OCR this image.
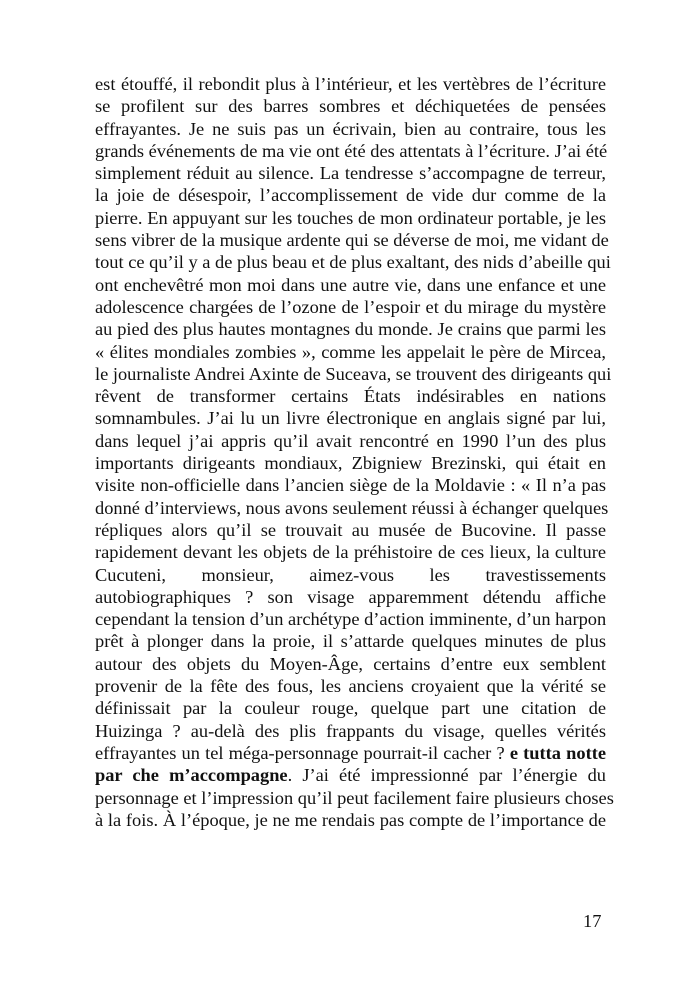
est étouffé, il rebondit plus à l’intérieur, et les vertèbres de l’écriture
se profilent sur des barres sombres et déchiquetées de pensées
effrayantes. Je ne suis pas un écrivain, bien au contraire, tous les
grands événements de ma vie ont été des attentats à l’écriture. J’ai été
simplement réduit au silence. La tendresse s’accompagne de terreur,
la joie de désespoir, l’accomplissement de vide dur comme de la
pierre. En appuyant sur les touches de mon ordinateur portable, je les
sens vibrer de la musique ardente qui se déverse de moi, me vidant de
tout ce qu’il y a de plus beau et de plus exaltant, des nids d’abeille qui
ont enchevêtré mon moi dans une autre vie, dans une enfance et une
adolescence chargées de l’ozone de l’espoir et du mirage du mystère
au pied des plus hautes montagnes du monde. Je crains que parmi les
« élites mondiales zombies », comme les appelait le père de Mircea,
le journaliste Andrei Axinte de Suceava, se trouvent des dirigeants qui
rêvent de transformer certains États indésirables en nations
somnambules. J’ai lu un livre électronique en anglais signé par lui,
dans lequel j’ai appris qu’il avait rencontré en 1990 l’un des plus
importants dirigeants mondiaux, Zbigniew Brezinski, qui était en
visite non-officielle dans l’ancien siège de la Moldavie : « Il n’a pas
donné d’interviews, nous avons seulement réussi à échanger quelques
répliques alors qu’il se trouvait au musée de Bucovine. Il passe
rapidement devant les objets de la préhistoire de ces lieux, la culture
Cucuteni, monsieur, aimez-vous les travestissements
autobiographiques ? son visage apparemment détendu affiche
cependant la tension d’un archétype d’action imminente, d’un harpon
prêt à plonger dans la proie, il s’attarde quelques minutes de plus
autour des objets du Moyen-Âge, certains d’entre eux semblent
provenir de la fête des fous, les anciens croyaient que la vérité se
définissait par la couleur rouge, quelque part une citation de
Huizinga ? au-delà des plis frappants du visage, quelles vérités
effrayantes un tel méga-personnage pourrait-il cacher ? e tutta notte
par che m’accompagne. J’ai été impressionné par l’énergie du
personnage et l’impression qu’il peut facilement faire plusieurs choses
à la fois. À l’époque, je ne me rendais pas compte de l’importance de
17
